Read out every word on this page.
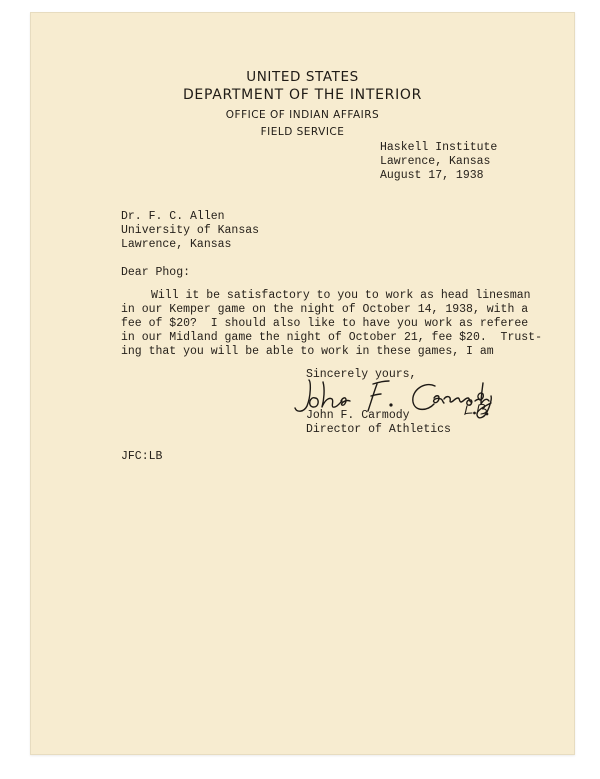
UNITED STATES
DEPARTMENT OF THE INTERIOR
OFFICE OF INDIAN AFFAIRS
FIELD SERVICE
Haskell Institute
Lawrence, Kansas
August 17, 1938
Dr. F. C. Allen
University of Kansas
Lawrence, Kansas
Dear Phog:
Will it be satisfactory to you to work as head linesman
in our Kemper game on the night of October 14, 1938, with a
fee of $20?  I should also like to have you work as referee
in our Midland game the night of October 21, fee $20.  Trust-
ing that you will be able to work in these games, I am
Sincerely yours,
John F. Carmody
Director of Athletics
JFC:LB
